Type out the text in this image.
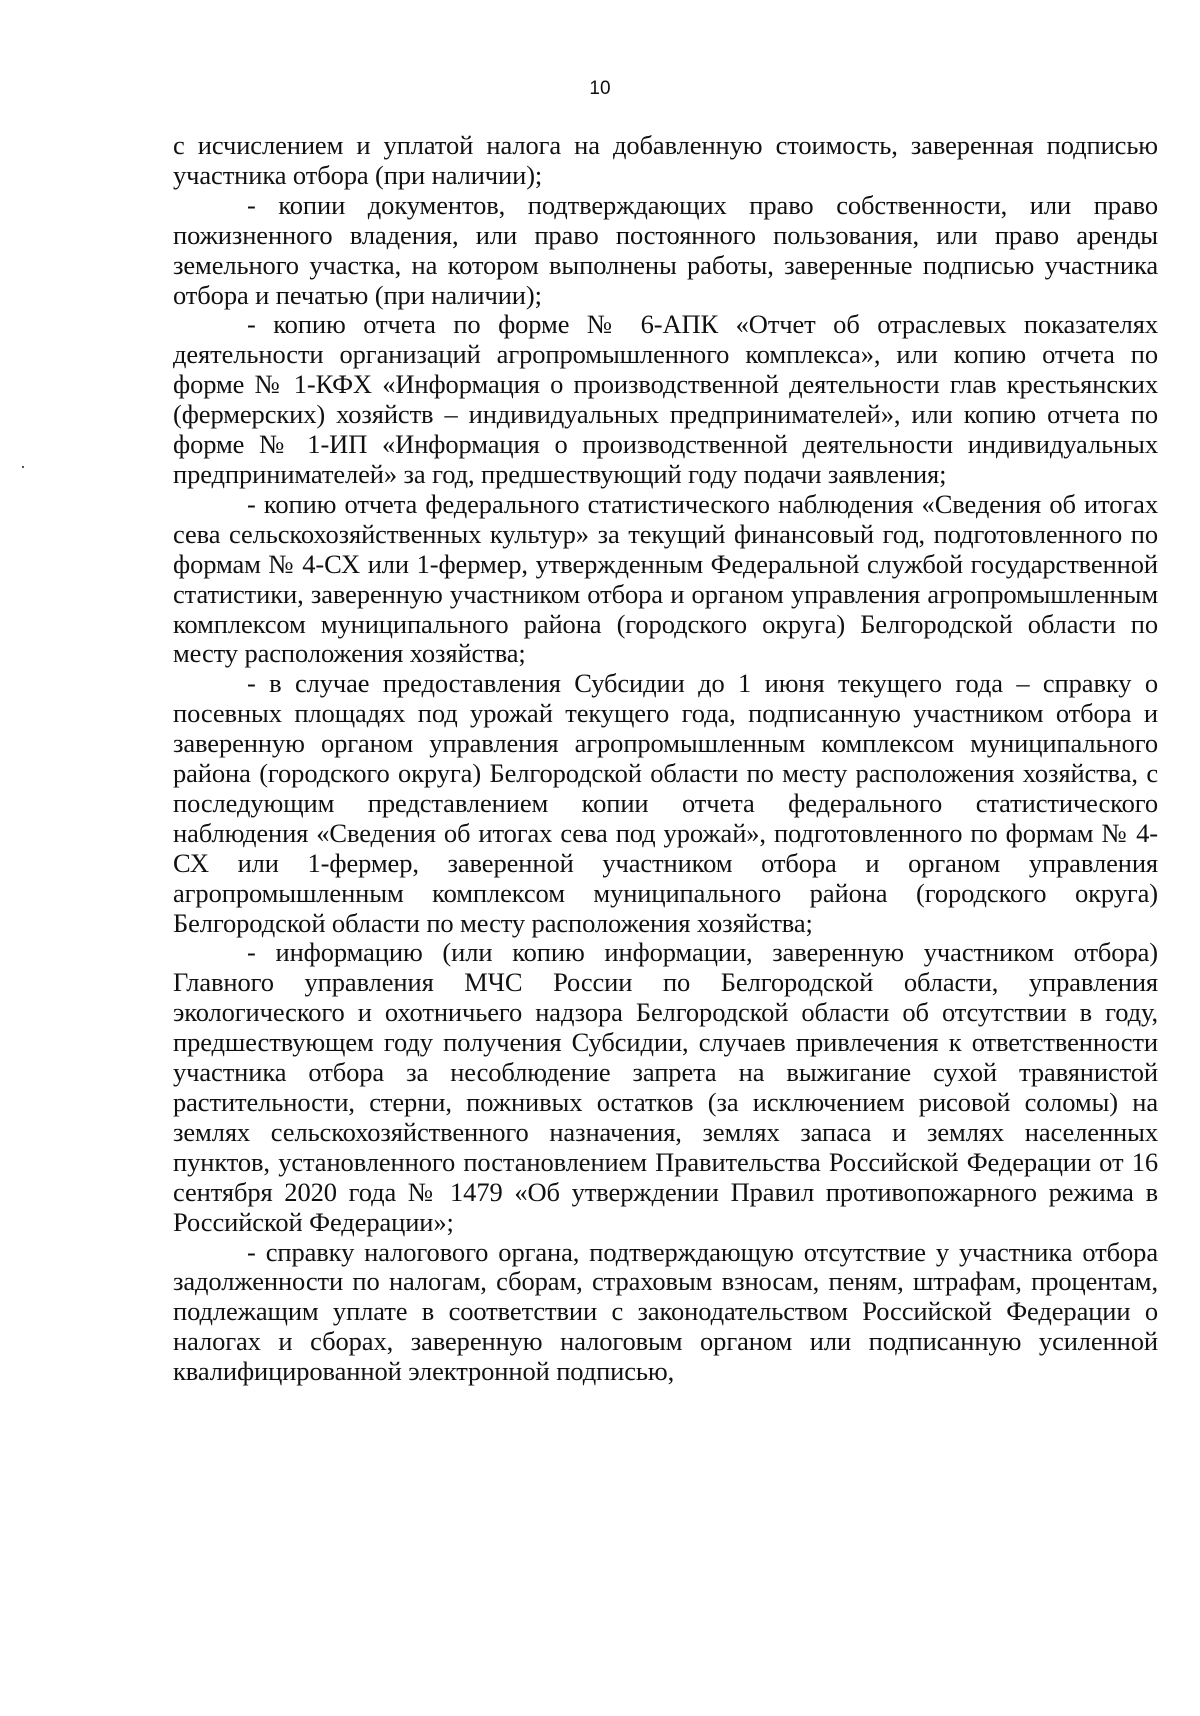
10

с исчислением и уплатой налога на добавленную стоимость, заверенная подписью участника отбора (при наличии);

- копии документов, подтверждающих право собственности, или право пожизненного владения, или право постоянного пользования, или право аренды земельного участка, на котором выполнены работы, заверенные подписью участника отбора и печатью (при наличии);

- копию отчета по форме № 6-АПК «Отчет об отраслевых показателях деятельности организаций агропромышленного комплекса», или копию отчета по форме № 1-КФХ «Информация о производственной деятельности глав крестьянских (фермерских) хозяйств – индивидуальных предпринимателей», или копию отчета по форме № 1-ИП «Информация о производственной деятельности индивидуальных предпринимателей» за год, предшествующий году подачи заявления;

- копию отчета федерального статистического наблюдения «Сведения об итогах сева сельскохозяйственных культур» за текущий финансовый год, подготовленного по формам № 4-СХ или 1-фермер, утвержденным Федеральной службой государственной статистики, заверенную участником отбора и органом управления агропромышленным комплексом муниципального района (городского округа) Белгородской области по месту расположения хозяйства;

- в случае предоставления Субсидии до 1 июня текущего года – справку о посевных площадях под урожай текущего года, подписанную участником отбора и заверенную органом управления агропромышленным комплексом муниципального района (городского округа) Белгородской области по месту расположения хозяйства, с последующим представлением копии отчета федерального статистического наблюдения «Сведения об итогах сева под урожай», подготовленного по формам № 4-СХ или 1-фермер, заверенной участником отбора и органом управления агропромышленным комплексом муниципального района (городского округа) Белгородской области по месту расположения хозяйства;

- информацию (или копию информации, заверенную участником отбора) Главного управления МЧС России по Белгородской области, управления экологического и охотничьего надзора Белгородской области об отсутствии в году, предшествующем году получения Субсидии, случаев привлечения к ответственности участника отбора за несоблюдение запрета на выжигание сухой травянистой растительности, стерни, пожнивых остатков (за исключением рисовой соломы) на землях сельскохозяйственного назначения, землях запаса и землях населенных пунктов, установленного постановлением Правительства Российской Федерации от 16 сентября 2020 года № 1479 «Об утверждении Правил противопожарного режима в Российской Федерации»;

- справку налогового органа, подтверждающую отсутствие у участника отбора задолженности по налогам, сборам, страховым взносам, пеням, штрафам, процентам, подлежащим уплате в соответствии с законодательством Российской Федерации о налогах и сборах, заверенную налоговым органом или подписанную усиленной квалифицированной электронной подписью,
